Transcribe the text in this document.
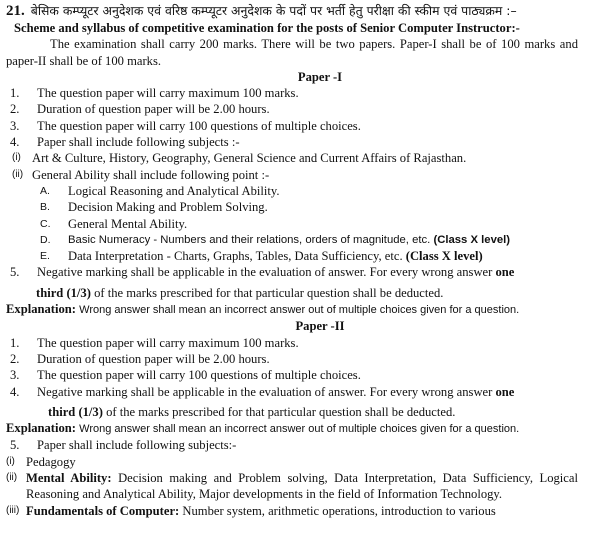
21. बेसिक कम्प्यूटर अनुदेशक एवं वरिष्ठ कम्प्यूटर अनुदेशक के पदों पर भर्ती हेतु परीक्षा की स्कीम एवं पाठ्यक्रम :–
Scheme and syllabus of competitive examination for the posts of Senior Computer Instructor:-
The examination shall carry 200 marks. There will be two papers. Paper-I shall be of 100 marks and paper-II shall be of 100 marks.
Paper -I
1.	The question paper will carry maximum 100 marks.
2.	Duration of question paper will be 2.00 hours.
3.	The question paper will carry 100 questions of multiple choices.
4.	Paper shall include following subjects :-
(i) Art & Culture, History, Geography, General Science and Current Affairs of Rajasthan.
(ii) General Ability shall include following point :-
A.	Logical Reasoning and Analytical Ability.
B.	Decision Making and Problem Solving.
C.	General Mental Ability.
D.	Basic Numeracy - Numbers and their relations, orders of magnitude, etc. (Class X level)
E.	Data Interpretation - Charts, Graphs, Tables, Data Sufficiency, etc. (Class X level)
5.	Negative marking shall be applicable in the evaluation of answer. For every wrong answer one
third (1/3) of the marks prescribed for that particular question shall be deducted.
Explanation: Wrong answer shall mean an incorrect answer out of multiple choices given for a question.
Paper -II
1.	The question paper will carry maximum 100 marks.
2.	Duration of question paper will be 2.00 hours.
3.	The question paper will carry 100 questions of multiple choices.
4.	Negative marking shall be applicable in the evaluation of answer. For every wrong answer one
third (1/3) of the marks prescribed for that particular question shall be deducted.
Explanation: Wrong answer shall mean an incorrect answer out of multiple choices given for a question.
5.	Paper shall include following subjects:-
(i) Pedagogy
(ii) Mental Ability: Decision making and Problem solving, Data Interpretation, Data Sufficiency, Logical Reasoning and Analytical Ability, Major developments in the field of Information Technology.
(iii) Fundamentals of Computer: Number system, arithmetic operations, introduction to various
